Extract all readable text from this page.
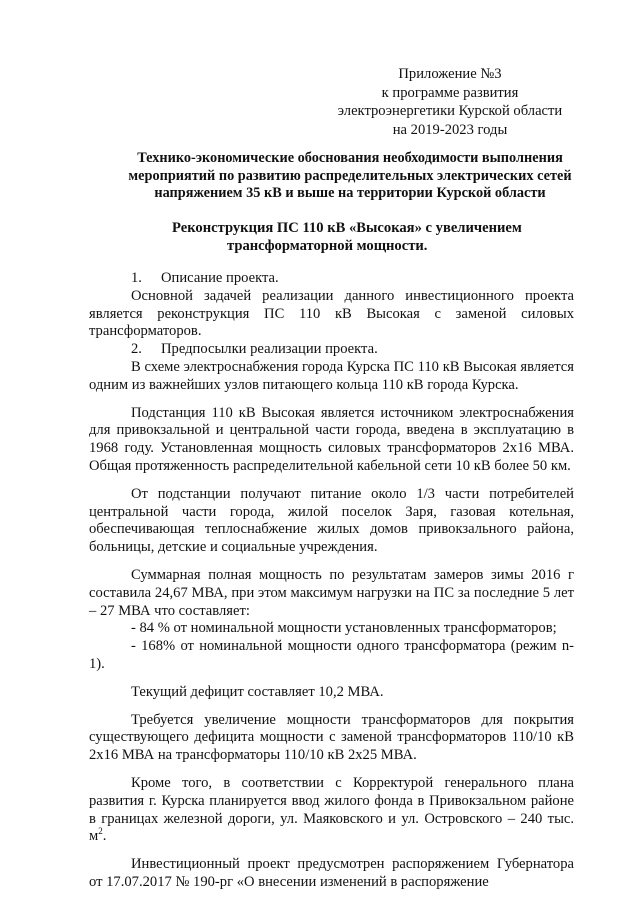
Приложение №3
к программе развития
электроэнергетики Курской области
на 2019-2023 годы
Технико-экономические обоснования необходимости выполнения
мероприятий по развитию распределительных электрических сетей
напряжением 35 кВ и выше на территории Курской области
Реконструкция ПС 110 кВ «Высокая» с увеличением
трансформаторной мощности.

1. Описание проекта.

Основной задачей реализации данного инвестиционного проекта является реконструкция ПС 110 кВ Высокая с заменой силовых трансформаторов.

2. Предпосылки реализации проекта.

В схеме электроснабжения города Курска ПС 110 кВ Высокая является одним из важнейших узлов питающего кольца 110 кВ города Курска.

Подстанция 110 кВ Высокая является источником электроснабжения для привокзальной и центральной части города, введена в эксплуатацию в 1968 году. Установленная мощность силовых трансформаторов 2х16 МВА. Общая протяженность распределительной кабельной сети 10 кВ более 50 км.

От подстанции получают питание около 1/3 части потребителей центральной части города, жилой поселок Заря, газовая котельная, обеспечивающая теплоснабжение жилых домов привокзального района, больницы, детские и социальные учреждения.

Суммарная полная мощность по результатам замеров зимы 2016 г составила 24,67 МВА, при этом максимум нагрузки на ПС за последние 5 лет – 27 МВА что составляет:

- 84 % от номинальной мощности установленных трансформаторов;

- 168% от номинальной мощности одного трансформатора (режим n-1).

Текущий дефицит составляет 10,2 МВА.

Требуется увеличение мощности трансформаторов для покрытия существующего дефицита мощности с заменой трансформаторов 110/10 кВ 2х16 МВА на трансформаторы 110/10 кВ 2х25 МВА.

Кроме того, в соответствии с Корректурой генерального плана развития г. Курска планируется ввод жилого фонда в Привокзальном районе в границах железной дороги, ул. Маяковского и ул. Островского – 240 тыс. $м^2$.

Инвестиционный проект предусмотрен распоряжением Губернатора от 17.07.2017 № 190-рг «О внесении изменений в распоряжение
